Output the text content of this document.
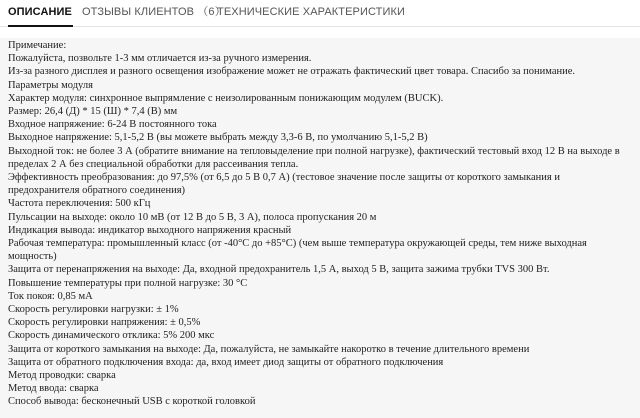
ОПИСАНИЕ ОТЗЫВЫ КЛИЕНТОВ （6）
ТЕХНИЧЕСКИЕ ХАРАКТЕРИСТИКИ
Примечание:
Пожалуйста, позвольте 1-3 мм отличается из-за ручного измерения.
Из-за разного дисплея и разного освещения изображение может не отражать фактический цвет товара. Спасибо за понимание.
Параметры модуля
Характер модуля: синхронное выпрямление с неизолированным понижающим модулем (BUCK).
Размер: 26,4 (Д) * 15 (Ш) * 7,4 (В) мм
Входное напряжение: 6-24 В постоянного тока
Выходное напряжение: 5,1-5,2 В (вы можете выбрать между 3,3-6 В, по умолчанию 5,1-5,2 В)
Выходной ток: не более 3 А (обратите внимание на тепловыделение при полной нагрузке), фактический тестовый вход 12 В на выходе в пределах 2 А без специальной обработки для рассеивания тепла.
Эффективность преобразования: до 97,5% (от 6,5 до 5 В 0,7 А) (тестовое значение после защиты от короткого замыкания и предохранителя обратного соединения)
Частота переключения: 500 кГц
Пульсации на выходе: около 10 мВ (от 12 В до 5 В, 3 А), полоса пропускания 20 м
Индикация вывода: индикатор выходного напряжения красный
Рабочая температура: промышленный класс (от -40°C до +85°C) (чем выше температура окружающей среды, тем ниже выходная мощность)
Защита от перенапряжения на выходе: Да, входной предохранитель 1,5 А, выход 5 В, защита зажима трубки TVS 300 Вт.
Повышение температуры при полной нагрузке: 30 °C
Ток покоя: 0,85 мА
Скорость регулировки нагрузки: ± 1%
Скорость регулировки напряжения: ± 0,5%
Скорость динамического отклика: 5% 200 мкс
Защита от короткого замыкания на выходе: Да, пожалуйста, не замыкайте накоротко в течение длительного времени
Защита от обратного подключения входа: да, вход имеет диод защиты от обратного подключения
Метод проводки: сварка
Метод ввода: сварка
Способ вывода: бесконечный USB с короткой головкой
